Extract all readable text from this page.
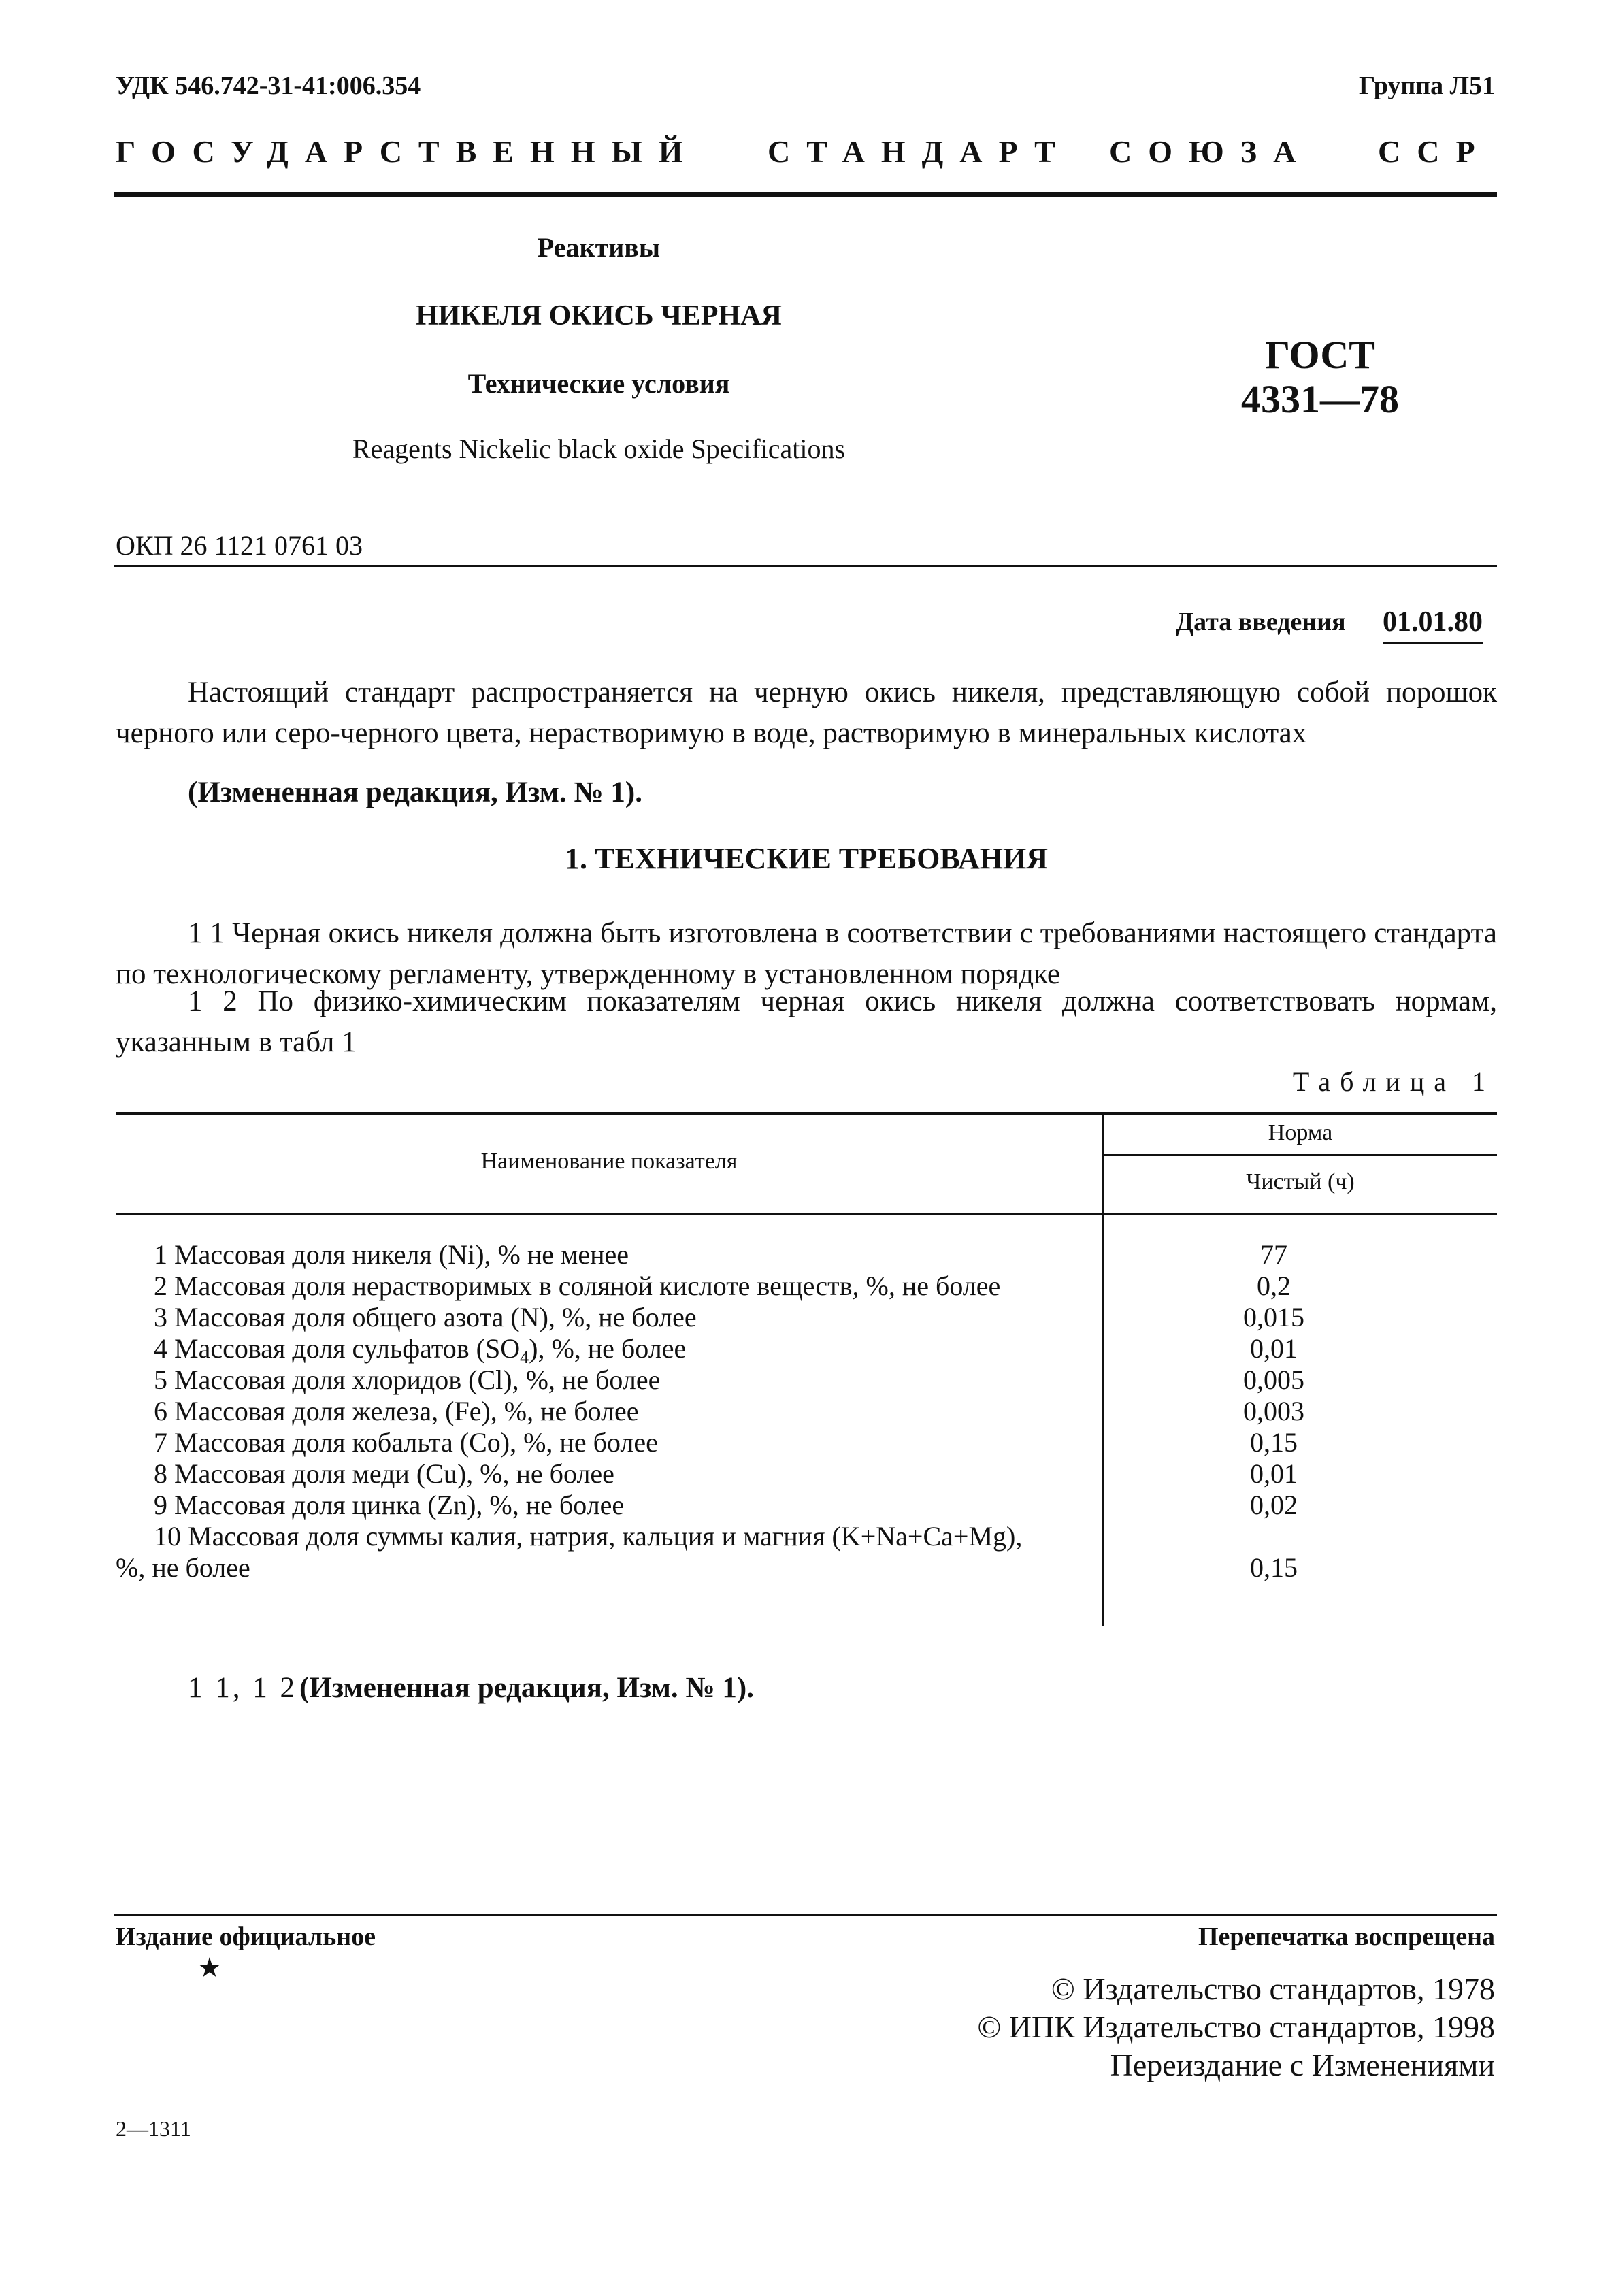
УДК 546.742-31-41:006.354	Группа Л51
ГОСУДАРСТВЕННЫЙ СТАНДАРТ СОЮЗА ССР
Реактивы
НИКЕЛЯ ОКИСЬ ЧЕРНАЯ
Технические условия
Reagents Nickelic black oxide Specifications
ГОСТ
4331—78
ОКП 26 1121 0761 03
Дата введения 01.01.80
Настоящий стандарт распространяется на черную окись никеля, представляющую собой порошок черного или серо-черного цвета, нерастворимую в воде, растворимую в минеральных кислотах
(Измененная редакция, Изм. № 1).
1. ТЕХНИЧЕСКИЕ ТРЕБОВАНИЯ
1 1 Черная окись никеля должна быть изготовлена в соответствии с требованиями настоящего стандарта по технологическому регламенту, утвержденному в установленном порядке
1 2 По физико-химическим показателям черная окись никеля должна соответствовать нормам, указанным в табл 1
Таблица 1
Наименование показателя
Норма
Чистый (ч)
1 Массовая доля никеля (Ni), % не менее	77
2 Массовая доля нерастворимых в соляной кислоте веществ, %, не более	0,2
3 Массовая доля общего азота (N), %, не более	0,015
4 Массовая доля сульфатов $(SO_4)$, %, не более	0,01
5 Массовая доля хлоридов (Cl), %, не более	0,005
6 Массовая доля железа, (Fe), %, не более	0,003
7 Массовая доля кобальта (Co), %, не более	0,15
8 Массовая доля меди (Cu), %, не более	0,01
9 Массовая доля цинка (Zn), %, не более	0,02
10 Массовая доля суммы калия, натрия, кальция и магния (K+Na+Ca+Mg),
%, не более	0,15
1 1, 1 2 (Измененная редакция, Изм. № 1).
Издание официальное
★
Перепечатка воспрещена
© Издательство стандартов, 1978
© ИПК Издательство стандартов, 1998
Переиздание с Изменениями
2—1311
